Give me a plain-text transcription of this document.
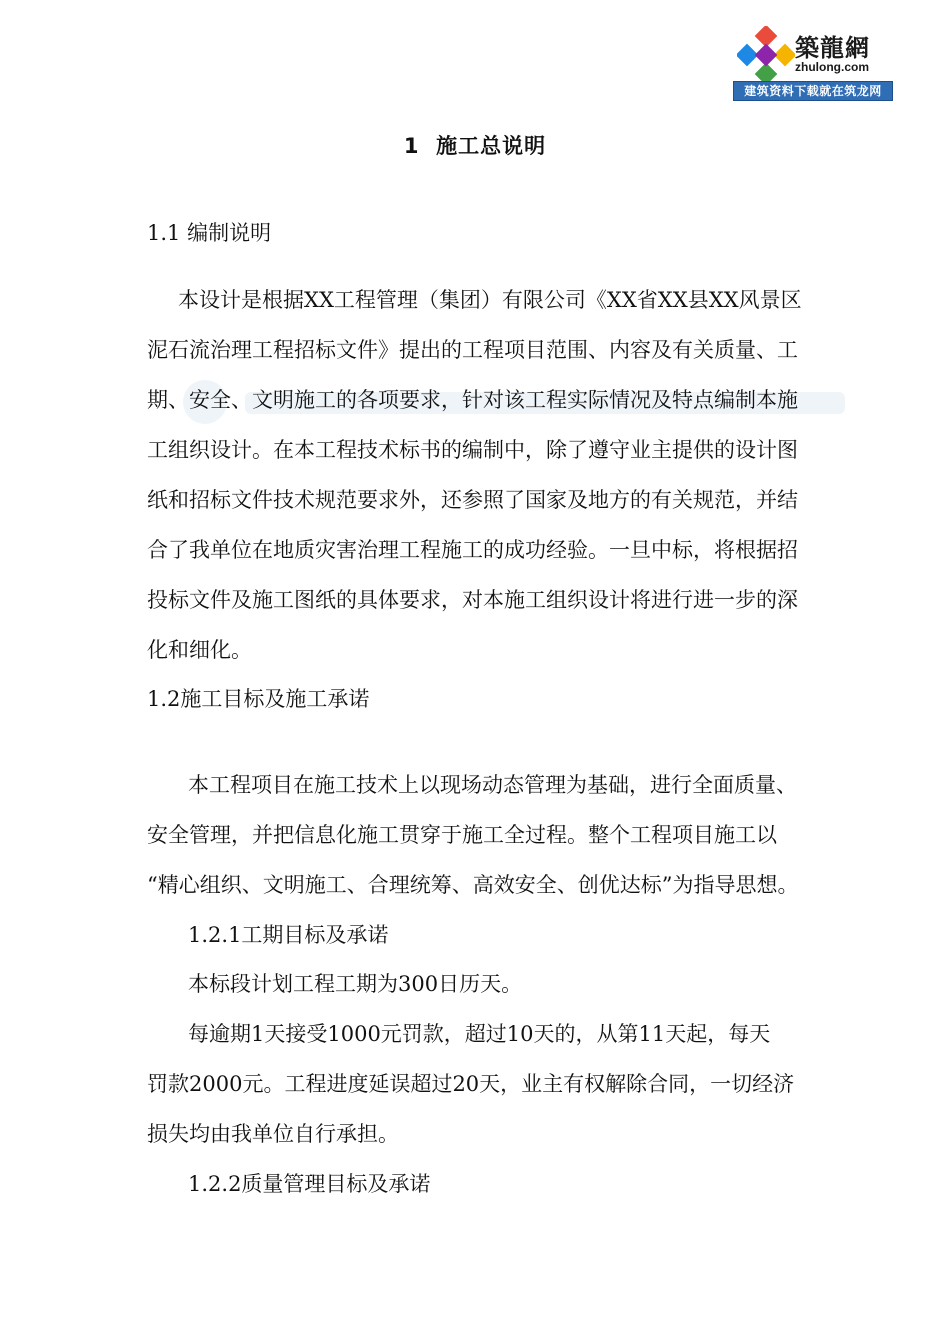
築龍網
zhulong.com
建筑资料下载就在筑龙网
1  施工总说明
1.1 编制说明
本设计是根据XX工程管理（集团）有限公司《XX省XX县XX风景区
泥石流治理工程招标文件》提出的工程项目范围、内容及有关质量、工
期、安全、文明施工的各项要求，针对该工程实际情况及特点编制本施
工组织设计。在本工程技术标书的编制中，除了遵守业主提供的设计图
纸和招标文件技术规范要求外，还参照了国家及地方的有关规范，并结
合了我单位在地质灾害治理工程施工的成功经验。一旦中标，将根据招
投标文件及施工图纸的具体要求，对本施工组织设计将进行进一步的深
化和细化。
1.2施工目标及施工承诺
本工程项目在施工技术上以现场动态管理为基础，进行全面质量、
安全管理，并把信息化施工贯穿于施工全过程。整个工程项目施工以
“精心组织、文明施工、合理统筹、高效安全、创优达标”为指导思想。
1.2.1工期目标及承诺
本标段计划工程工期为300日历天。
每逾期1天接受1000元罚款，超过10天的，从第11天起，每天
罚款2000元。工程进度延误超过20天，业主有权解除合同，一切经济
损失均由我单位自行承担。
1.2.2质量管理目标及承诺
